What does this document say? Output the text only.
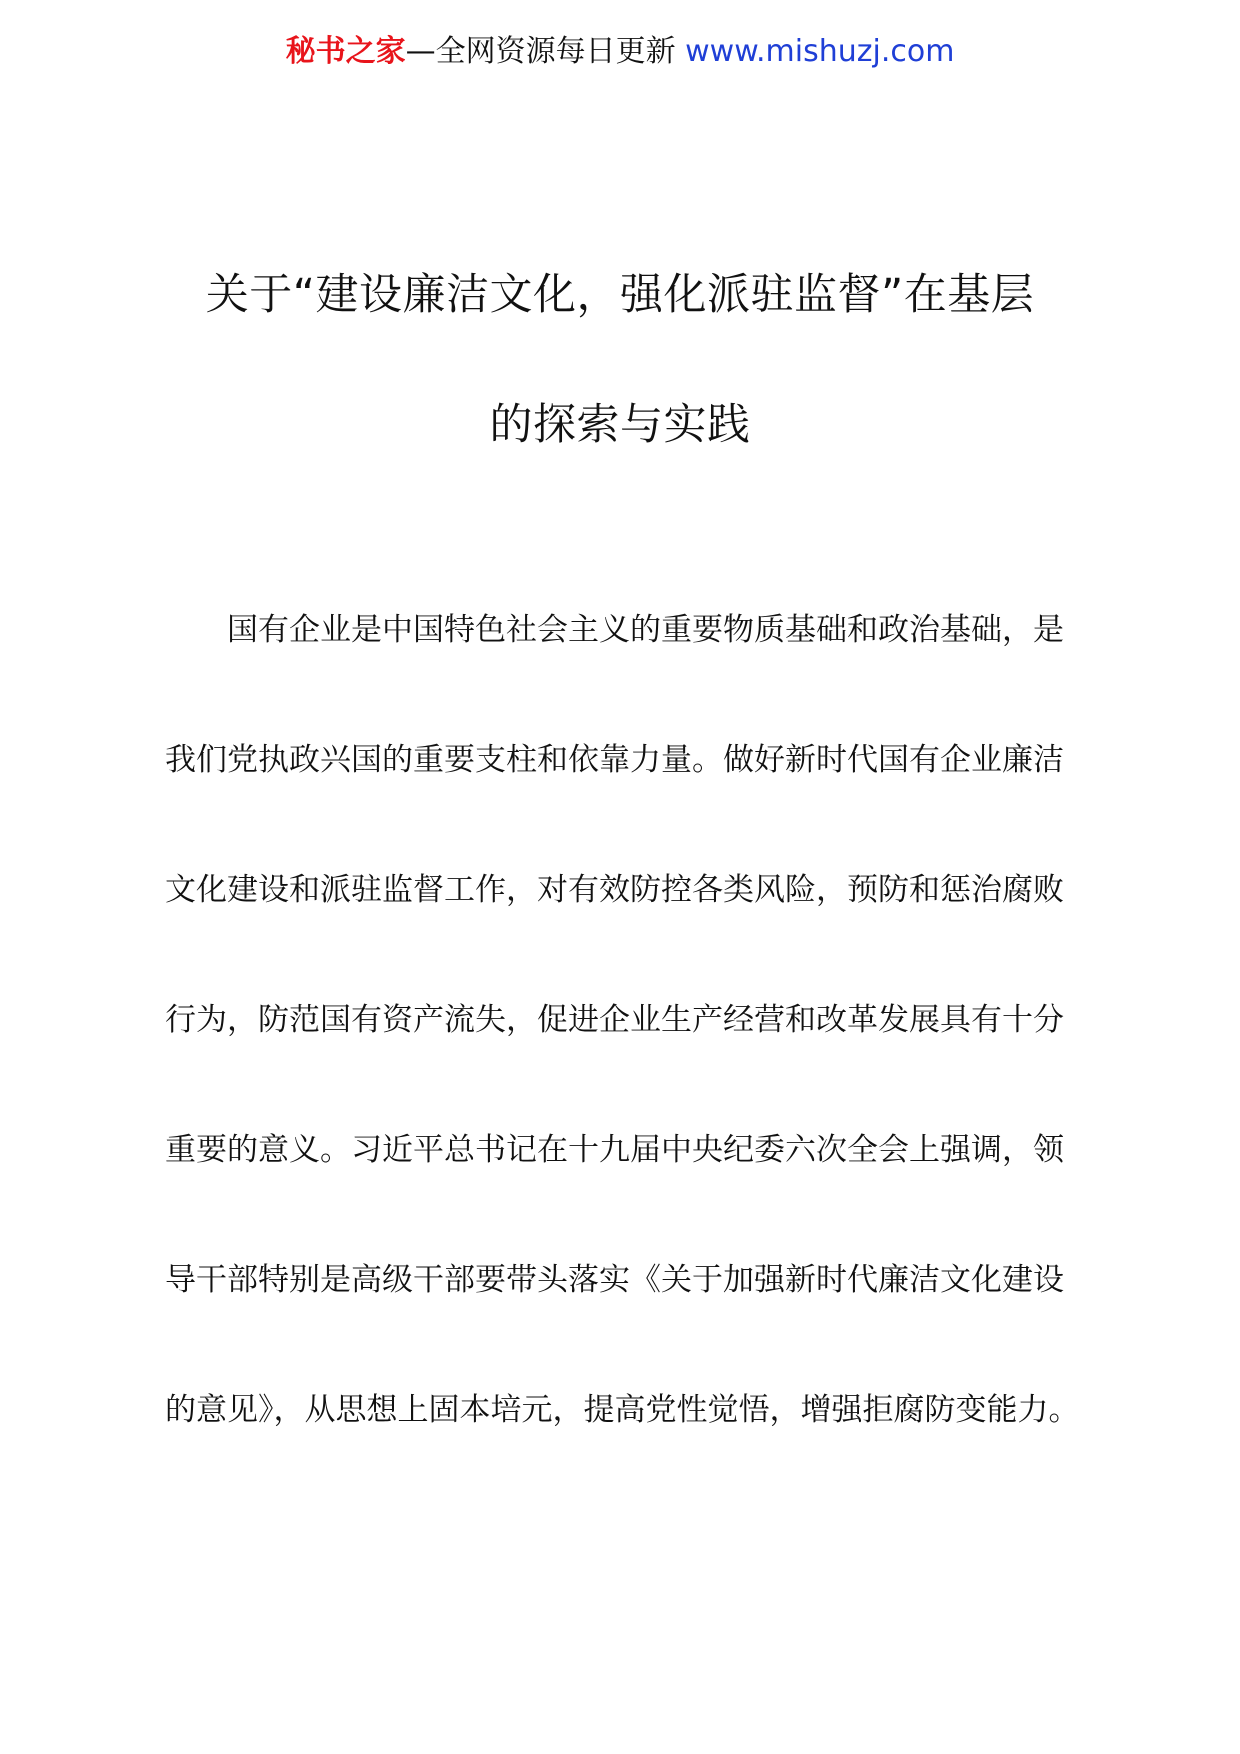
秘书之家—全网资源每日更新 www.mishuzj.com
关于“建设廉洁文化，强化派驻监督”在基层
的探索与实践
国有企业是中国特色社会主义的重要物质基础和政治基础，是
我们党执政兴国的重要支柱和依靠力量。做好新时代国有企业廉洁
文化建设和派驻监督工作，对有效防控各类风险，预防和惩治腐败
行为，防范国有资产流失，促进企业生产经营和改革发展具有十分
重要的意义。习近平总书记在十九届中央纪委六次全会上强调，领
导干部特别是高级干部要带头落实《关于加强新时代廉洁文化建设
的意见》，从思想上固本培元，提高党性觉悟，增强拒腐防变能力。
